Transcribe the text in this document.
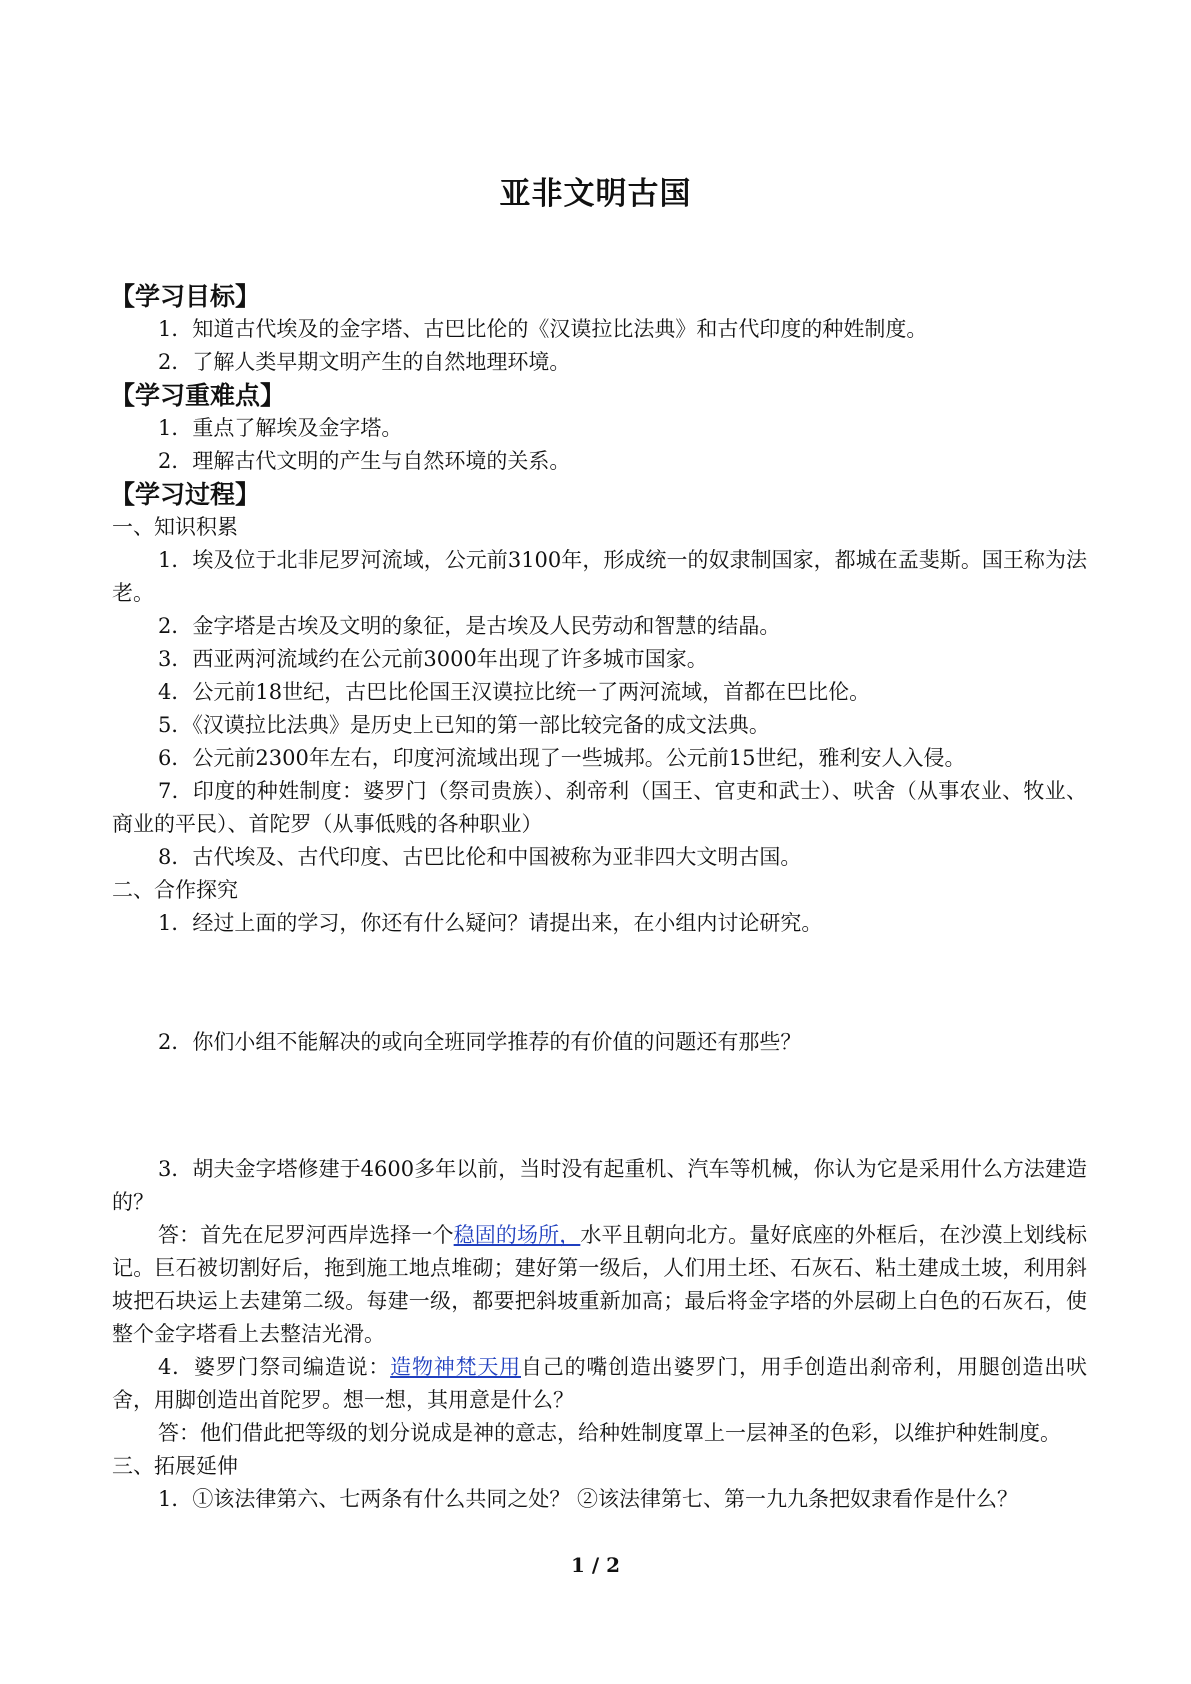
亚非文明古国
【学习目标】
1．知道古代埃及的金字塔、古巴比伦的《汉谟拉比法典》和古代印度的种姓制度。
2．了解人类早期文明产生的自然地理环境。
【学习重难点】
1．重点了解埃及金字塔。
2．理解古代文明的产生与自然环境的关系。
【学习过程】
一、知识积累
1．埃及位于北非尼罗河流域，公元前3100年，形成统一的奴隶制国家，都城在孟斐斯。国王称为法老。
2．金字塔是古埃及文明的象征，是古埃及人民劳动和智慧的结晶。
3．西亚两河流域约在公元前3000年出现了许多城市国家。
4．公元前18世纪，古巴比伦国王汉谟拉比统一了两河流域，首都在巴比伦。
5．《汉谟拉比法典》是历史上已知的第一部比较完备的成文法典。
6．公元前2300年左右，印度河流域出现了一些城邦。公元前15世纪，雅利安人入侵。
7．印度的种姓制度：婆罗门（祭司贵族）、刹帝利（国王、官吏和武士）、吠舍（从事农业、牧业、商业的平民）、首陀罗（从事低贱的各种职业）
8．古代埃及、古代印度、古巴比伦和中国被称为亚非四大文明古国。
二、合作探究
1．经过上面的学习，你还有什么疑问？请提出来，在小组内讨论研究。
2．你们小组不能解决的或向全班同学推荐的有价值的问题还有那些？
3．胡夫金字塔修建于4600多年以前，当时没有起重机、汽车等机械，你认为它是采用什么方法建造的？
答：首先在尼罗河西岸选择一个稳固的场所，水平且朝向北方。量好底座的外框后，在沙漠上划线标记。巨石被切割好后，拖到施工地点堆砌；建好第一级后，人们用土坯、石灰石、粘土建成土坡，利用斜坡把石块运上去建第二级。每建一级，都要把斜坡重新加高；最后将金字塔的外层砌上白色的石灰石，使整个金字塔看上去整洁光滑。
4．婆罗门祭司编造说：造物神梵天用自己的嘴创造出婆罗门，用手创造出刹帝利，用腿创造出吠舍，用脚创造出首陀罗。想一想，其用意是什么？
答：他们借此把等级的划分说成是神的意志，给种姓制度罩上一层神圣的色彩，以维护种姓制度。
三、拓展延伸
1．①该法律第六、七两条有什么共同之处？ ②该法律第七、第一九九条把奴隶看作是什么？
1 / 2
